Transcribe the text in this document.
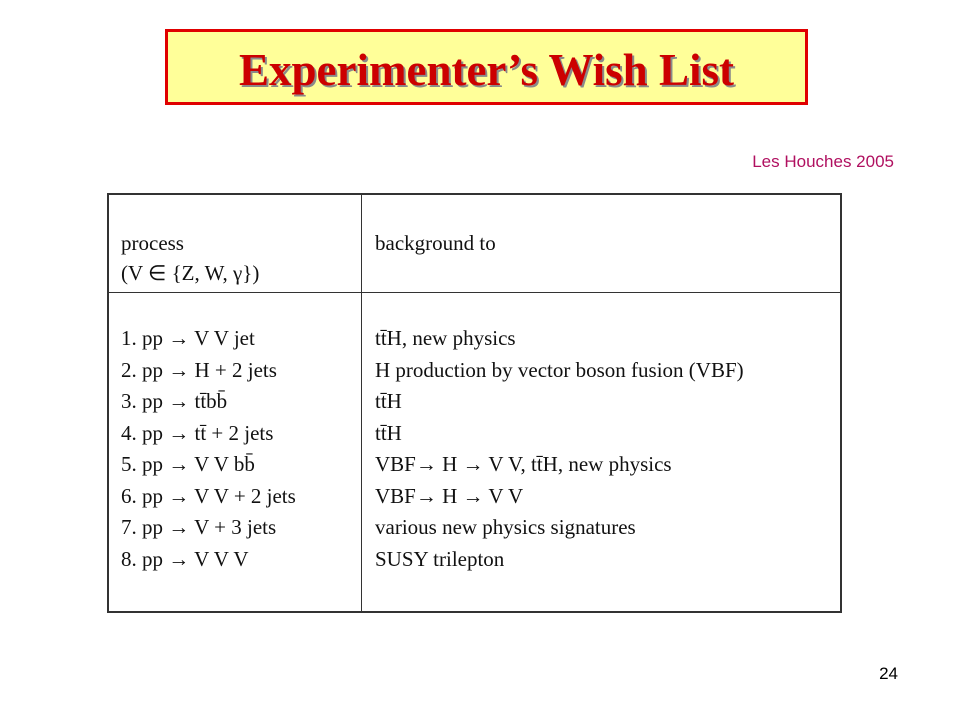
Experimenter’s Wish List
Les Houches 2005
process
(V ∈ {Z, W, γ})
background to
1. pp → V V jet
2. pp → H + 2 jets
3. pp → tt̄bb̄
4. pp → tt̄ + 2 jets
5. pp → V V bb̄
6. pp → V V + 2 jets
7. pp → V + 3 jets
8. pp → V V V
tt̄H, new physics
H production by vector boson fusion (VBF)
tt̄H
tt̄H
VBF→ H → V V, tt̄H, new physics
VBF→ H → V V
various new physics signatures
SUSY trilepton
24
